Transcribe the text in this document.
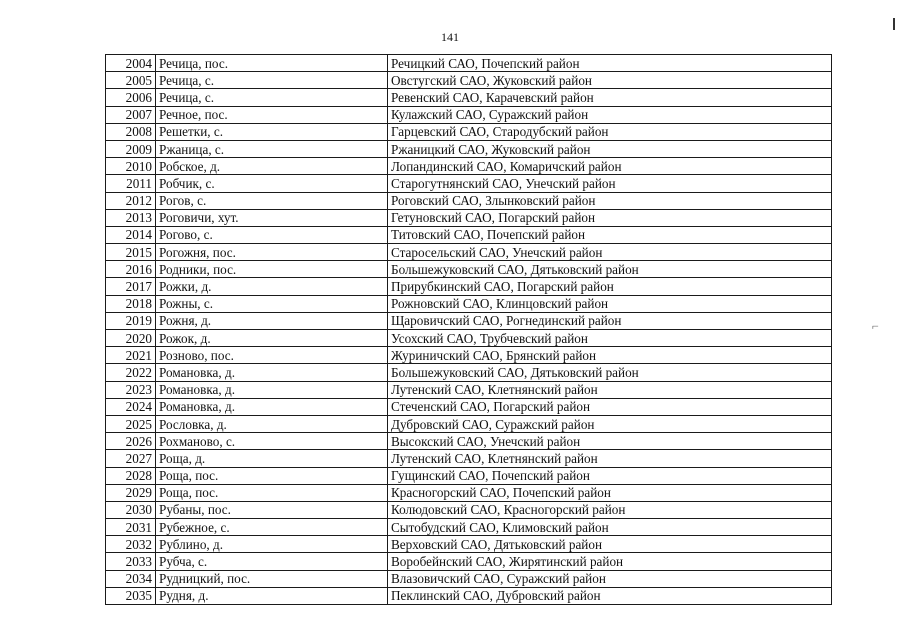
141
⌐
2004	Речица, пос.	Речицкий САО, Почепский район
2005	Речица, с.	Овстугский САО, Жуковский район
2006	Речица, с.	Ревенский САО, Карачевский район
2007	Речное, пос.	Кулажский САО, Суражский район
2008	Решетки, с.	Гарцевский САО, Стародубский район
2009	Ржаница, с.	Ржаницкий САО, Жуковский район
2010	Робское, д.	Лопандинский САО, Комаричский район
2011	Робчик, с.	Старогутнянский САО, Унечский район
2012	Рогов, с.	Роговский САО, Злынковский район
2013	Роговичи, хут.	Гетуновский САО, Погарский район
2014	Рогово, с.	Титовский САО, Почепский район
2015	Рогожня, пос.	Старосельский САО, Унечский район
2016	Родники, пос.	Большежуковский САО, Дятьковский район
2017	Рожки, д.	Прирубкинский САО, Погарский район
2018	Рожны, с.	Рожновский САО, Клинцовский район
2019	Рожня, д.	Щаровичский САО, Рогнединский район
2020	Рожок, д.	Усохский САО, Трубчевский район
2021	Розново, пос.	Журиничский САО, Брянский район
2022	Романовка, д.	Большежуковский САО, Дятьковский район
2023	Романовка, д.	Лутенский САО, Клетнянский район
2024	Романовка, д.	Стеченский САО, Погарский район
2025	Рословка, д.	Дубровский САО, Суражский район
2026	Рохманово, с.	Высокский САО, Унечский район
2027	Роща, д.	Лутенский САО, Клетнянский район
2028	Роща, пос.	Гущинский САО, Почепский район
2029	Роща, пос.	Красногорский САО, Почепский район
2030	Рубаны, пос.	Колюдовский САО, Красногорский район
2031	Рубежное, с.	Сытобудский САО, Климовский район
2032	Рублино, д.	Верховский САО, Дятьковский район
2033	Рубча, с.	Воробейнский САО, Жирятинский район
2034	Рудницкий, пос.	Влазовичский САО, Суражский район
2035	Рудня, д.	Пеклинский САО, Дубровский район
